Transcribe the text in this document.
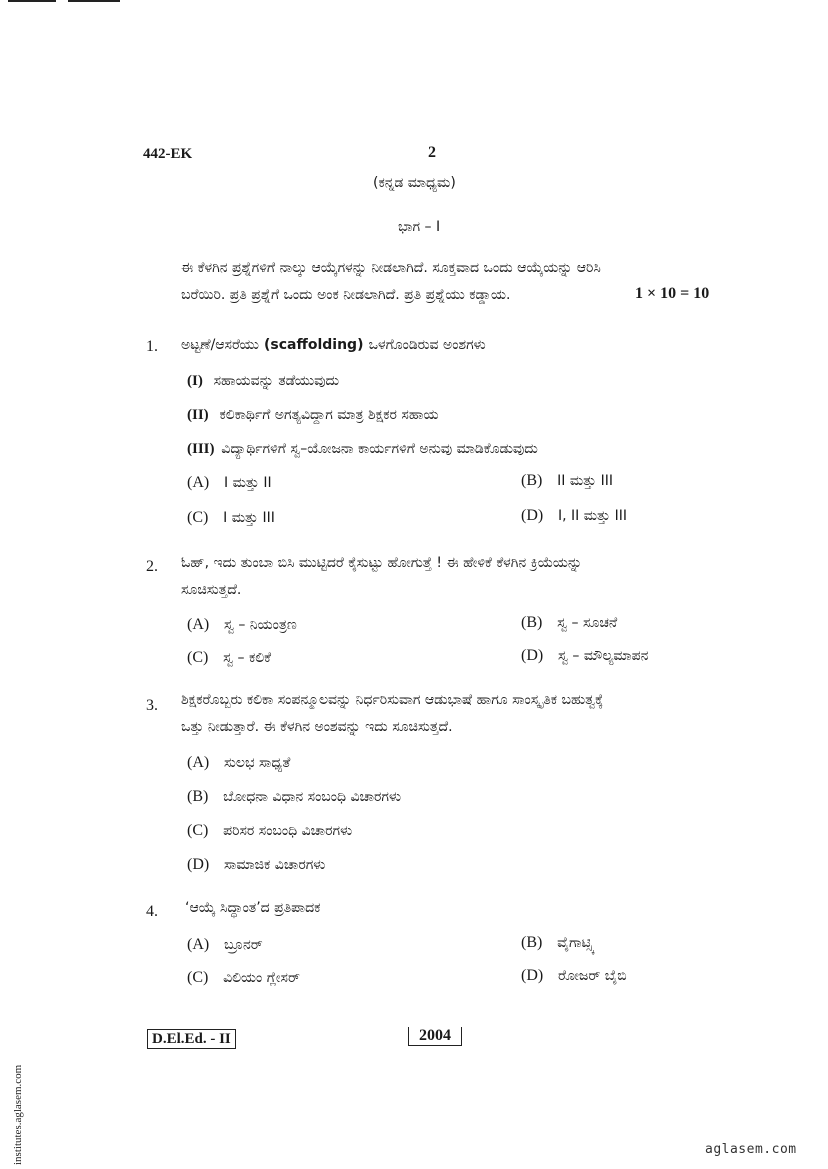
442-EK	2
(ಕನ್ನಡ ಮಾಧ್ಯಮ)
ಭಾಗ – I
ಈ ಕೆಳಗಿನ ಪ್ರಶ್ನೆಗಳಿಗೆ ನಾಲ್ಕು ಆಯ್ಕೆಗಳನ್ನು ನೀಡಲಾಗಿದೆ. ಸೂಕ್ತವಾದ ಒಂದು ಆಯ್ಕೆಯನ್ನು ಆರಿಸಿ
ಬರೆಯಿರಿ. ಪ್ರತಿ ಪ್ರಶ್ನೆಗೆ ಒಂದು ಅಂಕ ನೀಡಲಾಗಿದೆ. ಪ್ರತಿ ಪ್ರಶ್ನೆಯು ಕಡ್ಡಾಯ.	1 × 10 = 10
1. ಅಟ್ಟಣೆ/ಆಸರೆಯು (scaffolding) ಒಳಗೊಂಡಿರುವ ಅಂಶಗಳು
(I) ಸಹಾಯವನ್ನು ತಡೆಯುವುದು
(II) ಕಲಿಕಾರ್ಥಿಗೆ ಅಗತ್ಯವಿದ್ದಾಗ ಮಾತ್ರ ಶಿಕ್ಷಕರ ಸಹಾಯ
(III) ವಿದ್ಯಾರ್ಥಿಗಳಿಗೆ ಸ್ವ–ಯೋಜನಾ ಕಾರ್ಯಗಳಿಗೆ ಅನುವು ಮಾಡಿಕೊಡುವುದು
(A) I ಮತ್ತು II	(B) II ಮತ್ತು III
(C) I ಮತ್ತು III	(D) I, II ಮತ್ತು III
2. ಓಹ್, ಇದು ತುಂಬಾ ಬಿಸಿ ಮುಟ್ಟಿದರೆ ಕೈಸುಟ್ಟು ಹೋಗುತ್ತೆ ! ಈ ಹೇಳಿಕೆ ಕೆಳಗಿನ ಕ್ರಿಯೆಯನ್ನು
ಸೂಚಿಸುತ್ತದೆ.
(A) ಸ್ವ – ನಿಯಂತ್ರಣ	(B) ಸ್ವ – ಸೂಚನೆ
(C) ಸ್ವ – ಕಲಿಕೆ	(D) ಸ್ವ – ಮೌಲ್ಯಮಾಪನ
3. ಶಿಕ್ಷಕರೊಬ್ಬರು ಕಲಿಕಾ ಸಂಪನ್ಮೂಲವನ್ನು ನಿರ್ಧರಿಸುವಾಗ ಆಡುಭಾಷೆ ಹಾಗೂ ಸಾಂಸ್ಕೃತಿಕ ಬಹುತ್ವಕ್ಕೆ
ಒತ್ತು ನೀಡುತ್ತಾರೆ. ಈ ಕೆಳಗಿನ ಅಂಶವನ್ನು ಇದು ಸೂಚಿಸುತ್ತದೆ.
(A) ಸುಲಭ ಸಾಧ್ಯತೆ
(B) ಬೋಧನಾ ವಿಧಾನ ಸಂಬಂಧಿ ವಿಚಾರಗಳು
(C) ಪರಿಸರ ಸಂಬಂಧಿ ವಿಚಾರಗಳು
(D) ಸಾಮಾಜಿಕ ವಿಚಾರಗಳು
4. ‘ಆಯ್ಕೆ ಸಿದ್ಧಾಂತ’ದ ಪ್ರತಿಪಾದಕ
(A) ಬ್ರೂನರ್	(B) ವೈಗಾಟ್ಸ್ಕಿ
(C) ವಿಲಿಯಂ ಗ್ಲೇಸರ್	(D) ರೋಜರ್ ಬೈಬಿ
D.El.Ed. - II	2004
institutes.aglasem.com	aglasem.com
